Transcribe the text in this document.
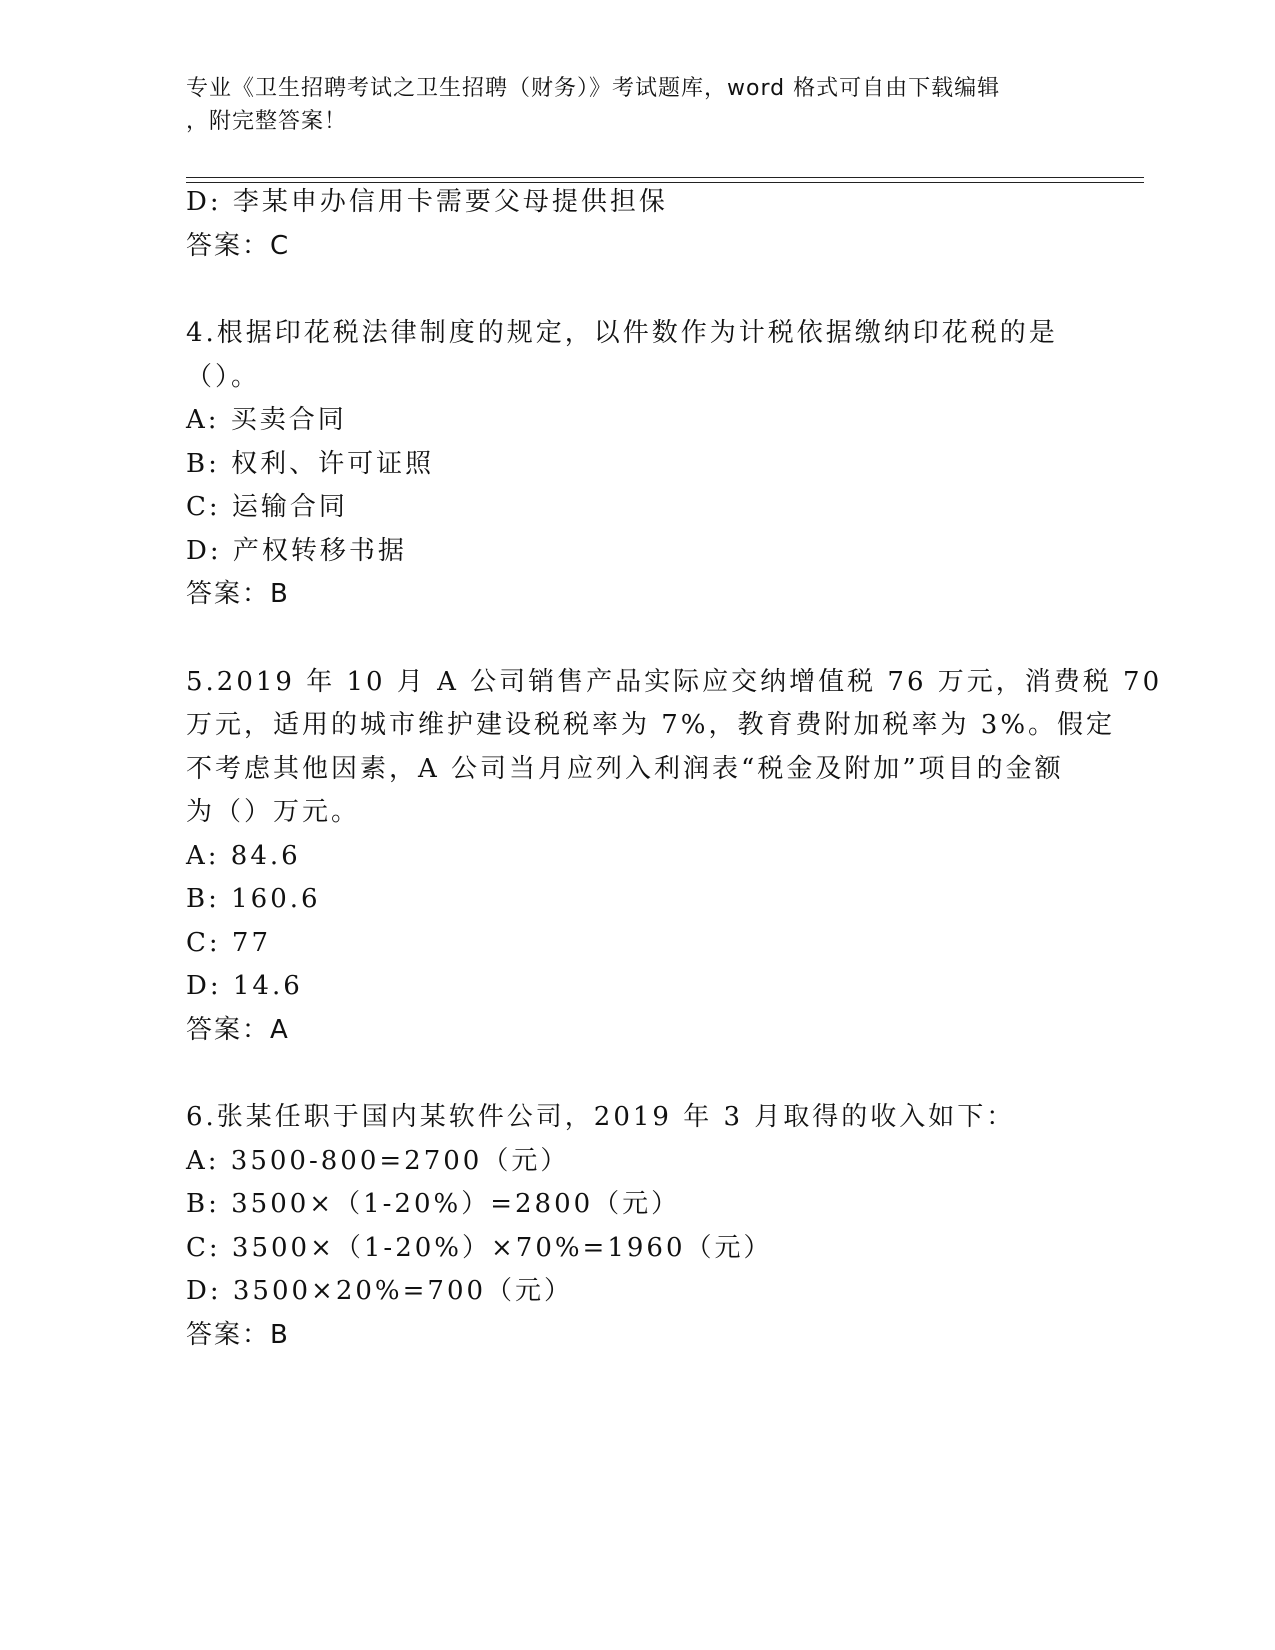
专业《卫生招聘考试之卫生招聘（财务）》考试题库，word 格式可自由下载编辑
，附完整答案！
D: 李某申办信用卡需要父母提供担保
答案：C
4.根据印花税法律制度的规定，以件数作为计税依据缴纳印花税的是
（）。
A: 买卖合同
B: 权利、许可证照
C: 运输合同
D: 产权转移书据
答案：B
5.2019 年 10 月 A 公司销售产品实际应交纳增值税 76 万元，消费税 70
万元，适用的城市维护建设税税率为 7%，教育费附加税率为 3%。假定
不考虑其他因素，A 公司当月应列入利润表“税金及附加”项目的金额
为（）万元。
A: 84.6
B: 160.6
C: 77
D: 14.6
答案：A
6.张某任职于国内某软件公司，2019 年 3 月取得的收入如下：
A: 3500-800=2700（元）
B: 3500×（1-20%）=2800（元）
C: 3500×（1-20%）×70%=1960（元）
D: 3500×20%=700（元）
答案：B
